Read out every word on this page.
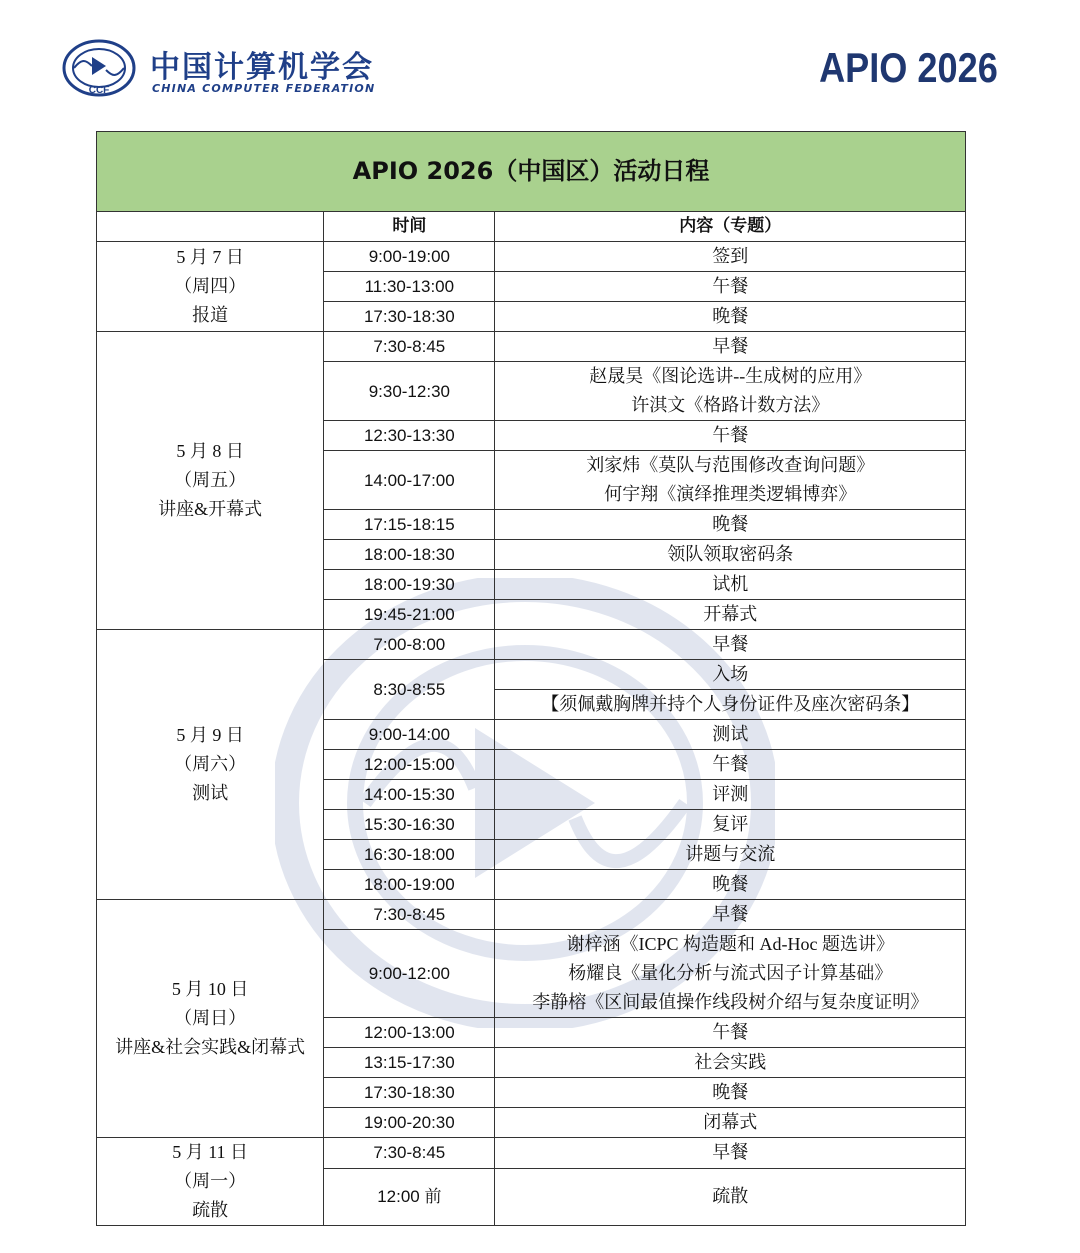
CCF
中国计算机学会
CHINA COMPUTER FEDERATION	APIO 2026
APIO 2026（中国区）活动日程		
	时间	内容（专题）

5 月 7 日
（周四）
报道	9:00-19:00	签到

	11:30-13:00	午餐

	17:30-18:30	晚餐

5 月 8 日
（周五）
讲座&开幕式	7:30-8:45	早餐

	9:30-12:30	赵晟昊《图论选讲--生成树的应用》
许淇文《格路计数方法》

	12:30-13:30	午餐

	14:00-17:00	刘家炜《莫队与范围修改查询问题》
何宇翔《演绎推理类逻辑博弈》

	17:15-18:15	晚餐

	18:00-18:30	领队领取密码条

	18:00-19:30	试机

	19:45-21:00	开幕式

5 月 9 日
（周六）
测试	7:00-8:00	早餐

	8:30-8:55	入场

		【须佩戴胸牌并持个人身份证件及座次密码条】
	9:00-14:00	测试

	12:00-15:00	午餐

	14:00-15:30	评测

	15:30-16:30	复评

	16:30-18:00	讲题与交流

	18:00-19:00	晚餐

5 月 10 日
（周日）
讲座&社会实践&闭幕式	7:30-8:45	早餐

	9:00-12:00	谢梓涵《ICPC 构造题和 Ad-Hoc 题选讲》
杨耀良《量化分析与流式因子计算基础》
李静榕《区间最值操作线段树介绍与复杂度证明》

	12:00-13:00	午餐

	13:15-17:30	社会实践

	17:30-18:30	晚餐

	19:00-20:30	闭幕式

5 月 11 日
（周一）
疏散	7:30-8:45	早餐

	12:00 前	疏散
